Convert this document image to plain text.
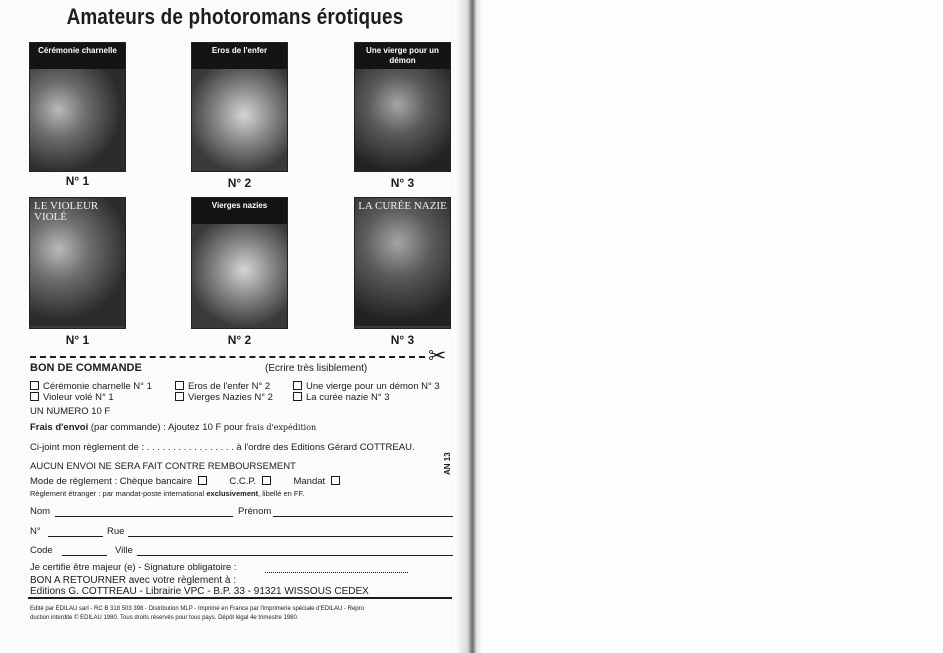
Amateurs de photoromans érotiques
Cérémonie charnelle
N° 1
Eros de l'enfer
N° 2
Une vierge pour un démon
N° 3
LE VIOLEUR VIOLÉ
N° 1
Vierges nazies
N° 2
LA CURÉE NAZIE
N° 3
✂
BON DE COMMANDE	(Ecrire très lisiblement)
Cérémonie charnelle N° 1	Eros de l'enfer N° 2	Une vierge pour un démon N° 3
Violeur volé N° 1	Vierges Nazies N° 2	La curée nazie N° 3
UN NUMERO 10 F
Frais d'envoi (par commande) : Ajoutez 10 F pour frais d'expédition
Ci-joint mon règlement de : . . . . . . . . . . . . . . . . . à l'ordre des Editions Gérard COTTREAU.
AUCUN ENVOI NE SERA FAIT CONTRE REMBOURSEMENT
Mode de règlement : Chèque bancaire	C.C.P.	Mandat
Règlement étranger : par mandat-poste international exclusivement, libellé en FF.
AN 13
Nom	Prénom
N°	Rue
Code	Ville
Je certifie être majeur (e) - Signature obligatoire :
BON A RETOURNER avec votre règlement à :
Editions G. COTTREAU - Librairie VPC - B.P. 33 - 91321 WISSOUS CEDEX
Edité par EDILAU sarl - RC B 318 503 398 - Distribution MLP - Imprimé en France par l'imprimerie spéciale d'EDILAU - Repro
duction interdite © EDILAU 1980. Tous droits réservés pour tous pays. Dépôt légal 4e trimestre 1980.
